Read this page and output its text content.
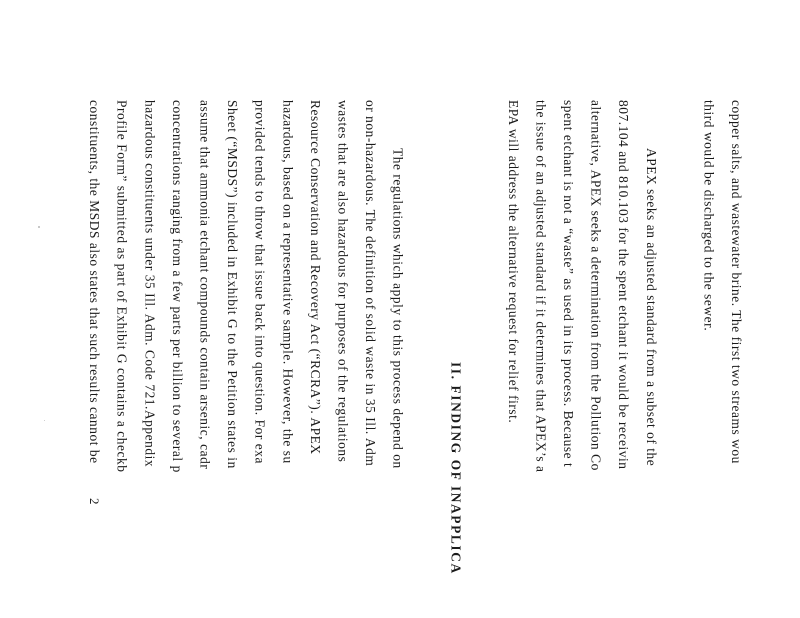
copper salts, and wastewater brine. The first two streams wou
third would be discharged to the sewer.
APEX seeks an adjusted standard from a subset of the
807.104 and 810.103 for the spent etchant it would be receivin
alternative, APEX seeks a determination from the Pollution Co
spent etchant is not a “waste” as used in its process. Because t
the issue of an adjusted standard if it determines that APEX’s a
EPA will address the alternative request for relief first.
II. FINDING OF INAPPLICA
The regulations which apply to this process depend on
or non-hazardous. The definition of solid waste in 35 Ill. Adm
wastes that are also hazardous for purposes of the regulations
Resource Conservation and Recovery Act (“RCRA”). APEX
hazardous, based on a representative sample. However, the su
provided tends to throw that issue back into question. For exa
Sheet (“MSDS”) included in Exhibit G to the Petition states in
assume that ammonia etchant compounds contain arsenic, cadr
concentrations ranging from a few parts per billion to several p
hazardous constituents under 35 Ill. Adm. Code 721.Appendix
Profile Form” submitted as part of Exhibit G contains a checkb
constituents, the MSDS also states that such results cannot be
2
